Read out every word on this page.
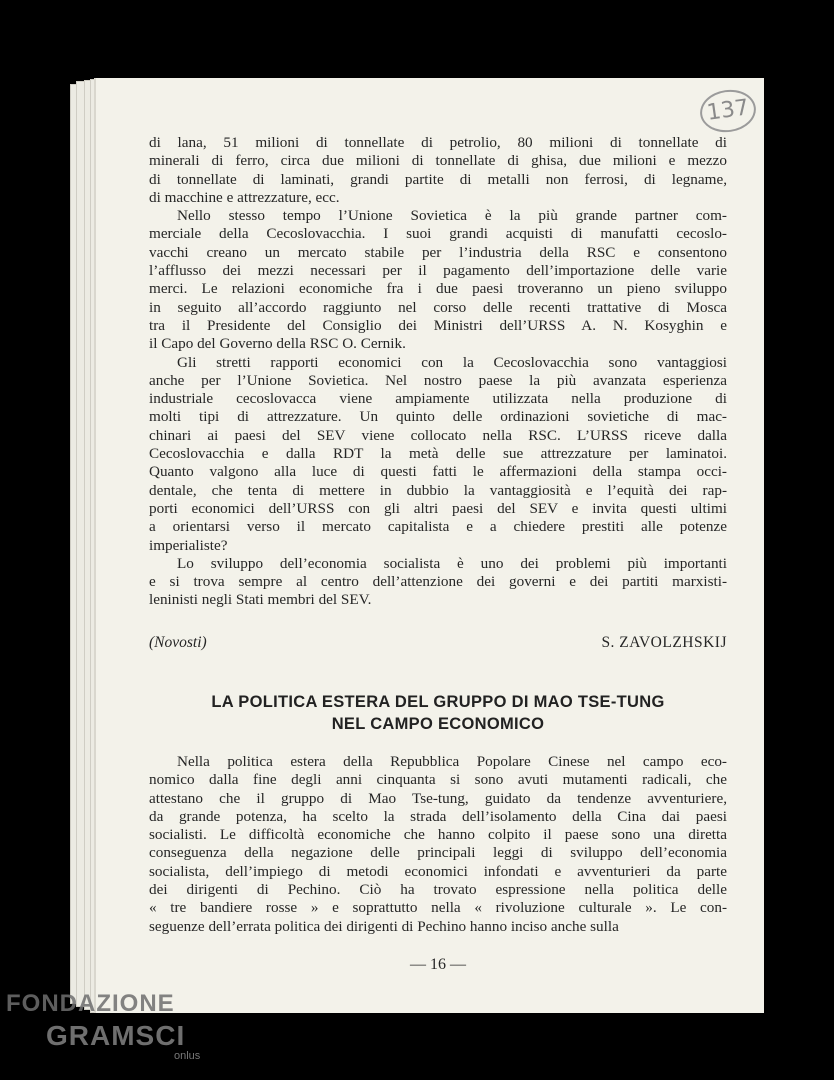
137

di lana, 51 milioni di tonnellate di petrolio, 80 milioni di tonnellate di
minerali di ferro, circa due milioni di tonnellate di ghisa, due milioni e mezzo
di tonnellate di laminati, grandi partite di metalli non ferrosi, di legname,
di macchine e attrezzature, ecc.

Nello stesso tempo l’Unione Sovietica è la più grande partner com-
merciale della Cecoslovacchia. I suoi grandi acquisti di manufatti cecoslo-
vacchi creano un mercato stabile per l’industria della RSC e consentono
l’afflusso dei mezzi necessari per il pagamento dell’importazione delle varie
merci. Le relazioni economiche fra i due paesi troveranno un pieno sviluppo
in seguito all’accordo raggiunto nel corso delle recenti trattative di Mosca
tra il Presidente del Consiglio dei Ministri dell’URSS A. N. Kosyghin e
il Capo del Governo della RSC O. Cernik.

Gli stretti rapporti economici con la Cecoslovacchia sono vantaggiosi
anche per l’Unione Sovietica. Nel nostro paese la più avanzata esperienza
industriale cecoslovacca viene ampiamente utilizzata nella produzione di
molti tipi di attrezzature. Un quinto delle ordinazioni sovietiche di mac-
chinari ai paesi del SEV viene collocato nella RSC. L’URSS riceve dalla
Cecoslovacchia e dalla RDT la metà delle sue attrezzature per laminatoi.
Quanto valgono alla luce di questi fatti le affermazioni della stampa occi-
dentale, che tenta di mettere in dubbio la vantaggiosità e l’equità dei rap-
porti economici dell’URSS con gli altri paesi del SEV e invita questi ultimi
a orientarsi verso il mercato capitalista e a chiedere prestiti alle potenze
imperialiste?

Lo sviluppo dell’economia socialista è uno dei problemi più importanti
e si trova sempre al centro dell’attenzione dei governi e dei partiti marxisti-
leninisti negli Stati membri del SEV.

(Novosti)	S. ZAVOLZHSKIJ
LA POLITICA ESTERA DEL GRUPPO DI MAO TSE-TUNG
NEL CAMPO ECONOMICO

Nella politica estera della Repubblica Popolare Cinese nel campo eco-
nomico dalla fine degli anni cinquanta si sono avuti mutamenti radicali, che
attestano che il gruppo di Mao Tse-tung, guidato da tendenze avventuriere,
da grande potenza, ha scelto la strada dell’isolamento della Cina dai paesi
socialisti. Le difficoltà economiche che hanno colpito il paese sono una diretta
conseguenza della negazione delle principali leggi di sviluppo dell’economia
socialista, dell’impiego di metodi economici infondati e avventurieri da parte
dei dirigenti di Pechino. Ciò ha trovato espressione nella politica delle
« tre bandiere rosse » e soprattutto nella « rivoluzione culturale ». Le con-
seguenze dell’errata politica dei dirigenti di Pechino hanno inciso anche sulla

— 16 —
FONDAZIONE
GRAMSCI
onlus
